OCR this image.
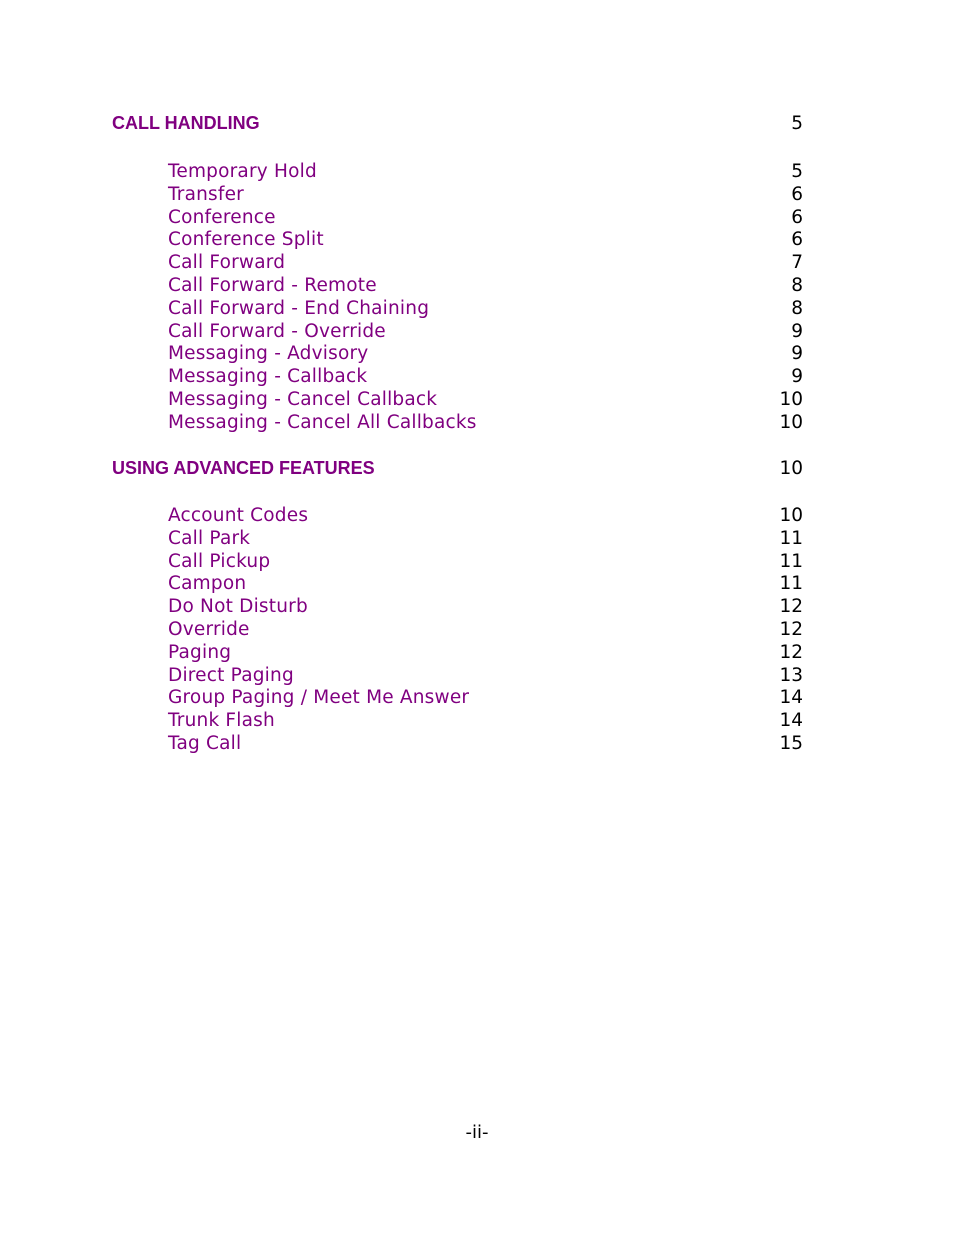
CALL HANDLING	5
Temporary Hold	5
Transfer	6
Conference	6
Conference Split	6
Call Forward	7
Call Forward - Remote	8
Call Forward - End Chaining	8
Call Forward - Override	9
Messaging - Advisory	9
Messaging - Callback	9
Messaging - Cancel Callback	10
Messaging - Cancel All Callbacks	10
USING ADVANCED FEATURES	10
Account Codes	10
Call Park	11
Call Pickup	11
Campon	11
Do Not Disturb	12
Override	12
Paging	12
Direct Paging	13
Group Paging / Meet Me Answer	14
Trunk Flash	14
Tag Call	15
-ii-
